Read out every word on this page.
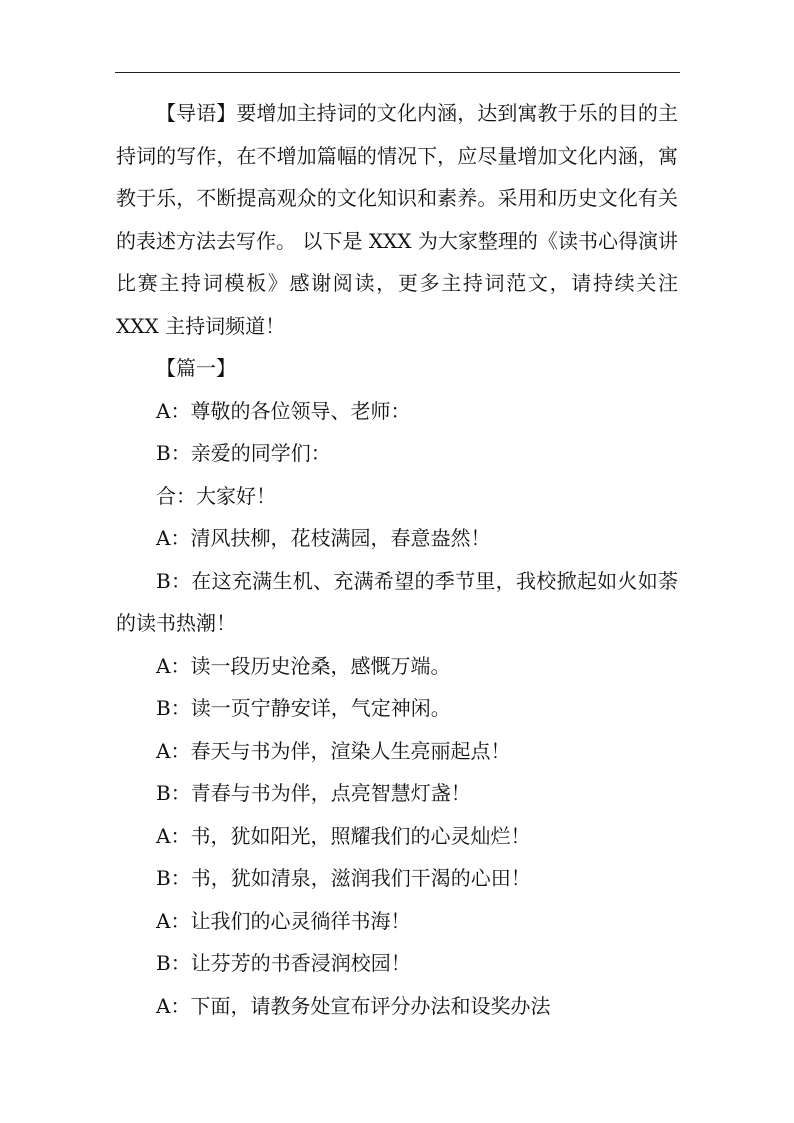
【导语】要增加主持词的文化内涵，达到寓教于乐的目的主持词的写作，在不增加篇幅的情况下，应尽量增加文化内涵，寓教于乐，不断提高观众的文化知识和素养。采用和历史文化有关的表述方法去写作。 以下是 XXX 为大家整理的《读书心得演讲比赛主持词模板》感谢阅读，更多主持词范文，请持续关注 XXX 主持词频道！

【篇一】

A：尊敬的各位领导、老师：

B：亲爱的同学们：

合：大家好！

A：清风扶柳，花枝满园，春意盎然！

B：在这充满生机、充满希望的季节里，我校掀起如火如荼的读书热潮！

A：读一段历史沧桑，感慨万端。

B：读一页宁静安详，气定神闲。

A：春天与书为伴，渲染人生亮丽起点！

B：青春与书为伴，点亮智慧灯盏！

A：书，犹如阳光，照耀我们的心灵灿烂！

B：书，犹如清泉，滋润我们干渴的心田！

A：让我们的心灵徜徉书海！

B：让芬芳的书香浸润校园！

A：下面，请教务处宣布评分办法和设奖办法
